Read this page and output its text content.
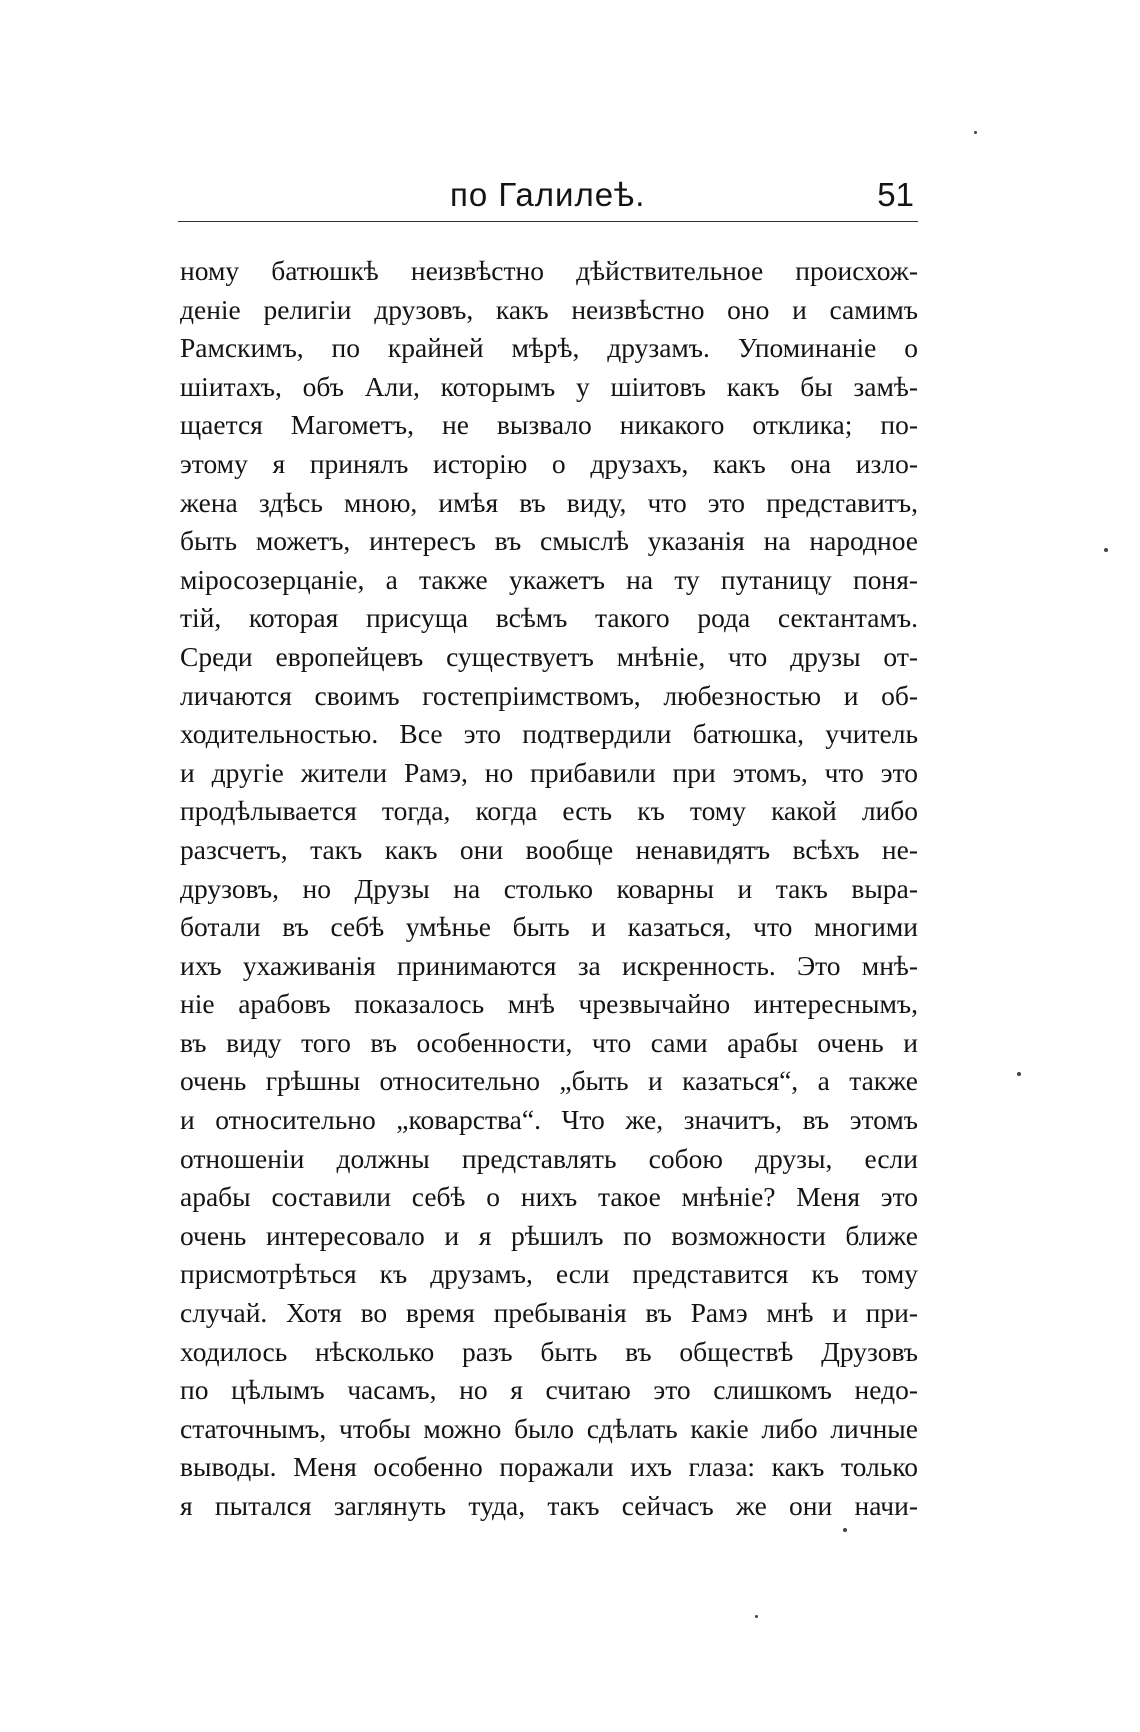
по Галилеѣ.	51
ному батюшкѣ неизвѣстно дѣйствительное происхож-
деніе религіи друзовъ, какъ неизвѣстно оно и самимъ
Рамскимъ, по крайней мѣрѣ, друзамъ. Упоминаніе о
шіитахъ, объ Али, которымъ у шіитовъ какъ бы замѣ-
щается Магометъ, не вызвало никакого отклика; по-
этому я принялъ исторію о друзахъ, какъ она изло-
жена здѣсь мною, имѣя въ виду, что это представитъ,
быть можетъ, интересъ въ смыслѣ указанія на народное
міросозерцаніе, а также укажетъ на ту путаницу поня-
тій, которая присуща всѣмъ такого рода сектантамъ.
Среди европейцевъ существуетъ мнѣніе, что друзы от-
личаются своимъ гостепріимствомъ, любезностью и об-
ходительностью. Все это подтвердили батюшка, учитель
и другіе жители Рамэ, но прибавили при этомъ, что это
продѣлывается тогда, когда есть къ тому какой либо
разсчетъ, такъ какъ они вообще ненавидятъ всѣхъ не-
друзовъ, но Друзы на столько коварны и такъ выра-
ботали въ себѣ умѣнье быть и казаться, что многими
ихъ ухаживанія принимаются за искренность. Это мнѣ-
ніе арабовъ показалось мнѣ чрезвычайно интереснымъ,
въ виду того въ особенности, что сами арабы очень и
очень грѣшны относительно „быть и казаться“, а также
и относительно „коварства“. Что же, значитъ, въ этомъ
отношеніи должны представлять собою друзы, если
арабы составили себѣ о нихъ такое мнѣніе? Меня это
очень интересовало и я рѣшилъ по возможности ближе
присмотрѣться къ друзамъ, если представится къ тому
случай. Хотя во время пребыванія въ Рамэ мнѣ и при-
ходилось нѣсколько разъ быть въ обществѣ Друзовъ
по цѣлымъ часамъ, но я считаю это слишкомъ недо-
статочнымъ, чтобы можно было сдѣлать какіе либо личные
выводы. Меня особенно поражали ихъ глаза: какъ только
я пытался заглянуть туда, такъ сейчасъ же они начи-
